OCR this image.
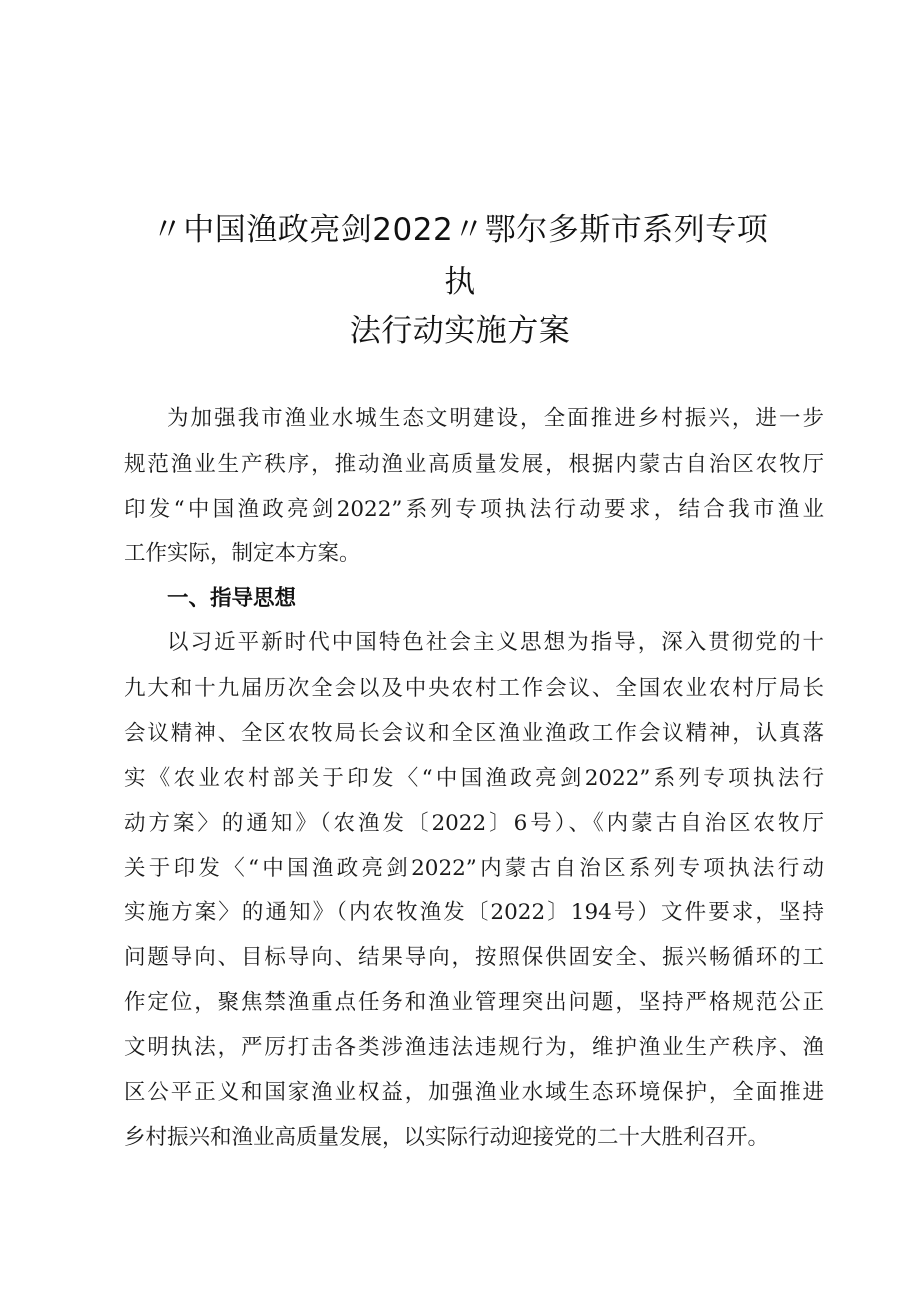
〃中国渔政亮剑2022〃鄂尔多斯市系列专项
执
法行动实施方案
为加强我市渔业水城生态文明建设，全面推进乡村振兴，进一步
规范渔业生产秩序，推动渔业高质量发展，根据内蒙古自治区农牧厅
印发“中国渔政亮剑2022”系列专项执法行动要求，结合我市渔业
工作实际，制定本方案。
一、指导思想
以习近平新时代中国特色社会主义思想为指导，深入贯彻党的十
九大和十九届历次全会以及中央农村工作会议、全国农业农村厅局长
会议精神、全区农牧局长会议和全区渔业渔政工作会议精神，认真落
实《农业农村部关于印发〈“中国渔政亮剑2022”系列专项执法行
动方案〉的通知》（农渔发〔2022〕6号）、《内蒙古自治区农牧厅
关于印发〈“中国渔政亮剑2022”内蒙古自治区系列专项执法行动
实施方案〉的通知》（内农牧渔发〔2022〕194号）文件要求，坚持
问题导向、目标导向、结果导向，按照保供固安全、振兴畅循环的工
作定位，聚焦禁渔重点任务和渔业管理突出问题，坚持严格规范公正
文明执法，严厉打击各类涉渔违法违规行为，维护渔业生产秩序、渔
区公平正义和国家渔业权益，加强渔业水域生态环境保护，全面推进
乡村振兴和渔业高质量发展，以实际行动迎接党的二十大胜利召开。
